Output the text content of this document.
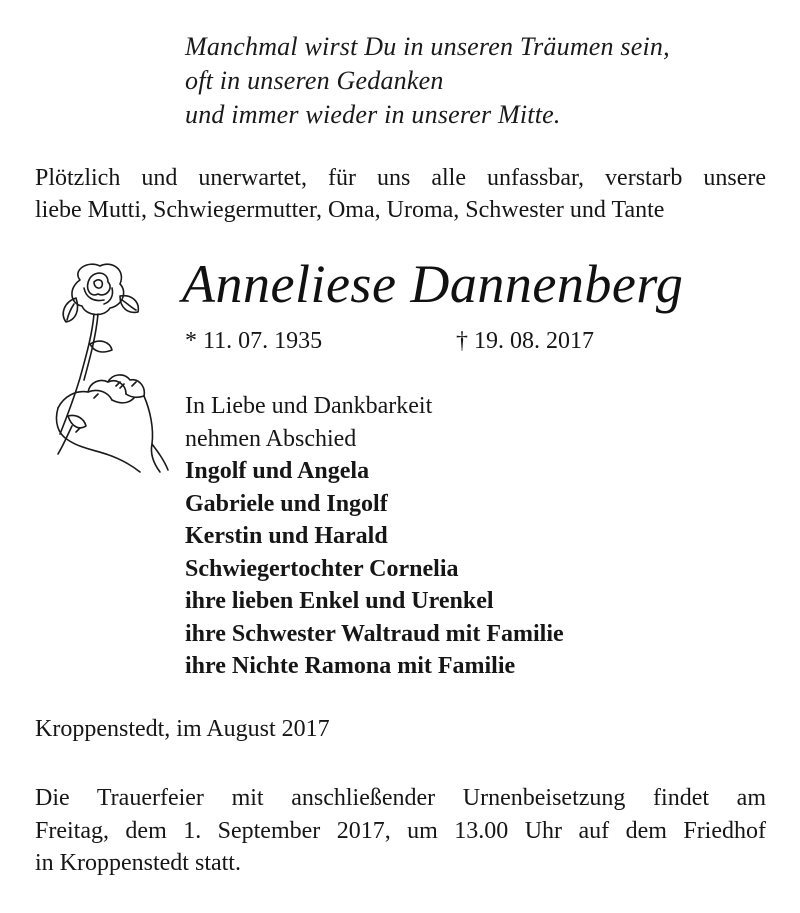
Manchmal wirst Du in unseren Träumen sein,
oft in unseren Gedanken
und immer wieder in unserer Mitte.
Plötzlich und unerwartet, für uns alle unfassbar, verstarb unsere
liebe Mutti, Schwiegermutter, Oma, Uroma, Schwester und Tante
Anneliese Dannenberg
* 11. 07. 1935	† 19. 08. 2017
In Liebe und Dankbarkeit
nehmen Abschied
Ingolf und Angela
Gabriele und Ingolf
Kerstin und Harald
Schwiegertochter Cornelia
ihre lieben Enkel und Urenkel
ihre Schwester Waltraud mit Familie
ihre Nichte Ramona mit Familie
Kroppenstedt, im August 2017
Die Trauerfeier mit anschließender Urnenbeisetzung findet am
Freitag, dem 1. September 2017, um 13.00 Uhr auf dem Friedhof
in Kroppenstedt statt.
